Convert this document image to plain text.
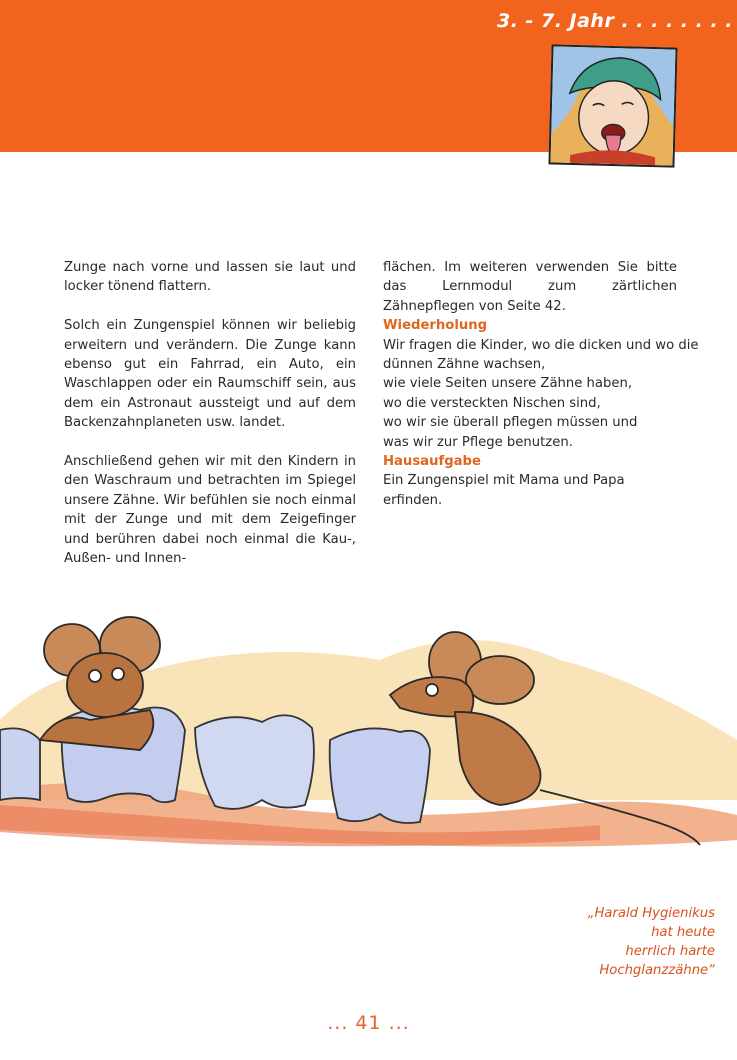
3. - 7. Jahr . . . . . . . .

Zunge nach vorne und lassen sie laut und locker tönend flattern.

Solch ein Zungenspiel können wir beliebig erweitern und verändern. Die Zunge kann ebenso gut ein Fahrrad, ein Auto, ein Waschlappen oder ein Raumschiff sein, aus dem ein Astronaut aussteigt und auf dem Backenzahnplaneten usw. landet.

Anschließend gehen wir mit den Kindern in den Waschraum und betrachten im Spiegel unsere Zähne. Wir befühlen sie noch einmal mit der Zunge und mit dem Zeigefinger und berühren dabei noch einmal die Kau-, Außen- und Innen-

flächen. Im weiteren verwenden Sie bitte das Lernmodul zum zärtlichen Zähnepflegen von Seite 42.

Wiederholung

Wir fragen die Kinder, wo die dicken und wo die
dünnen Zähne wachsen,
wie viele Seiten unsere Zähne haben,
wo die versteckten Nischen sind,
wo wir sie überall pflegen müssen und
was wir zur Pflege benutzen.

Hausaufgabe

Ein Zungenspiel mit Mama und Papa erfinden.

„Harald Hygienikus
hat heute
herrlich harte
Hochglanzzähne“
... 41 ...
